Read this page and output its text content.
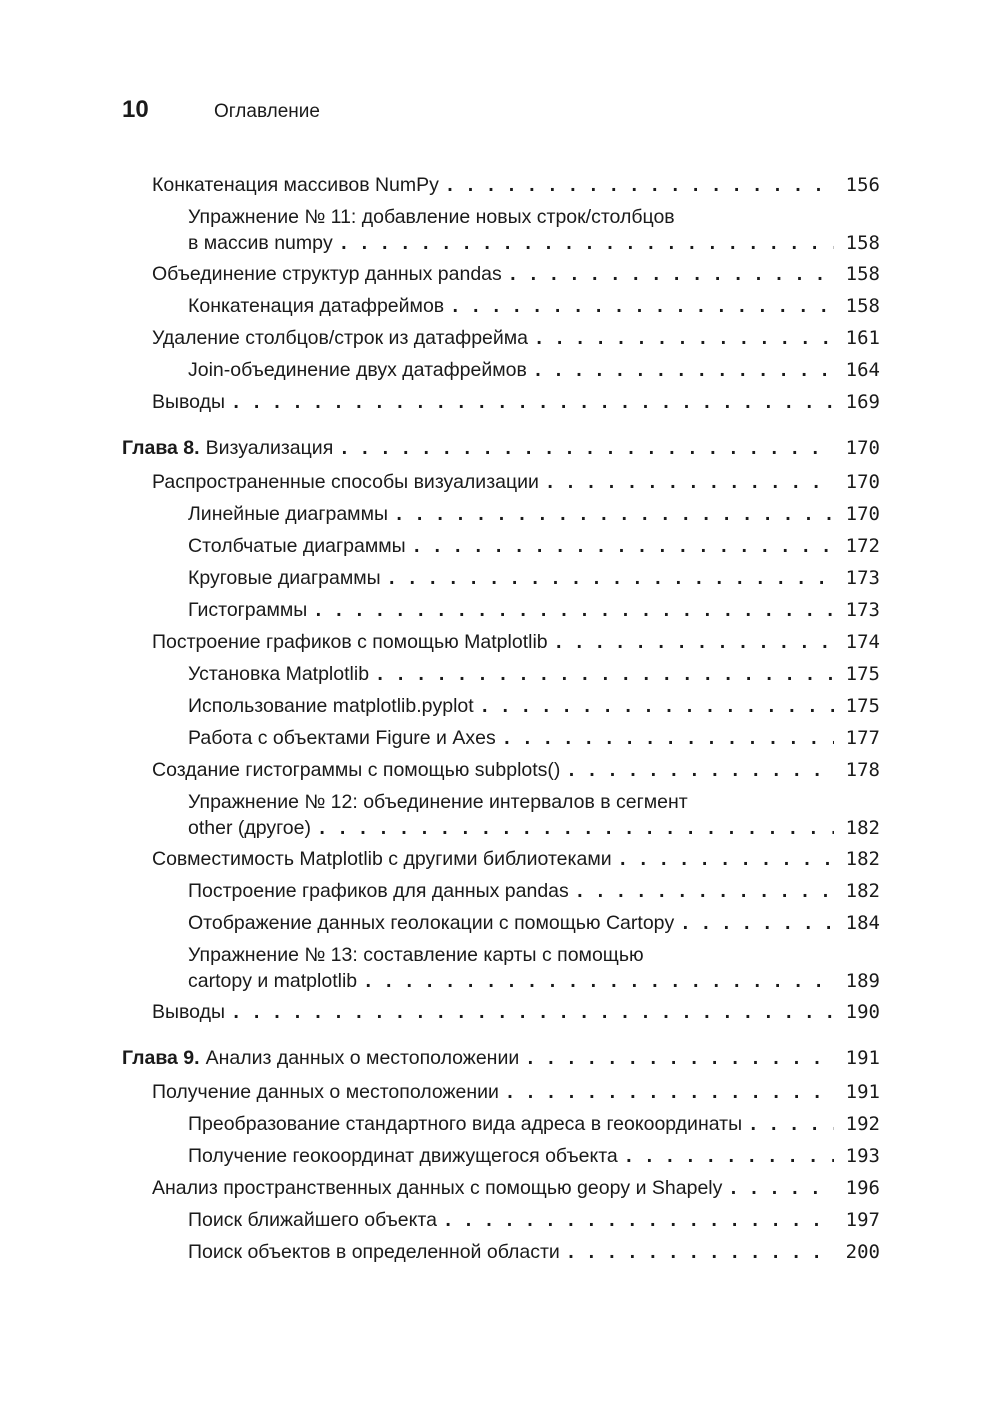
10	Оглавление
Конкатенация массивов NumPy . . .	156
Упражнение № 11: добавление новых строк/столбцов
в массив numpy . . .	158
Объединение структур данных pandas . . .	158
Конкатенация датафреймов . . .	158
Удаление столбцов/строк из датафрейма . . .	161
Join-объединение двух датафреймов . . .	164
Выводы . . .	169
Глава 8. Визуализация . . .	170
Распространенные способы визуализации . . .	170
Линейные диаграммы . . .	170
Столбчатые диаграммы . . .	172
Круговые диаграммы . . .	173
Гистограммы . . .	173
Построение графиков с помощью Matplotlib . . .	174
Установка Matplotlib . . .	175
Использование matplotlib.pyplot . . .	175
Работа с объектами Figure и Axes . . .	177
Создание гистограммы с помощью subplots() . . .	178
Упражнение № 12: объединение интервалов в сегмент
other (другое) . . .	182
Совместимость Matplotlib с другими библиотеками . . .	182
Построение графиков для данных pandas . . .	182
Отображение данных геолокации с помощью Cartopy . . .	184
Упражнение № 13: составление карты с помощью
cartopy и matplotlib . . .	189
Выводы . . .	190
Глава 9. Анализ данных о местоположении . . .	191
Получение данных о местоположении . . .	191
Преобразование стандартного вида адреса в геокоординаты . . .	192
Получение геокоординат движущегося объекта . . .	193
Анализ пространственных данных с помощью geopy и Shapely . . .	196
Поиск ближайшего объекта . . .	197
Поиск объектов в определенной области . . .	200
